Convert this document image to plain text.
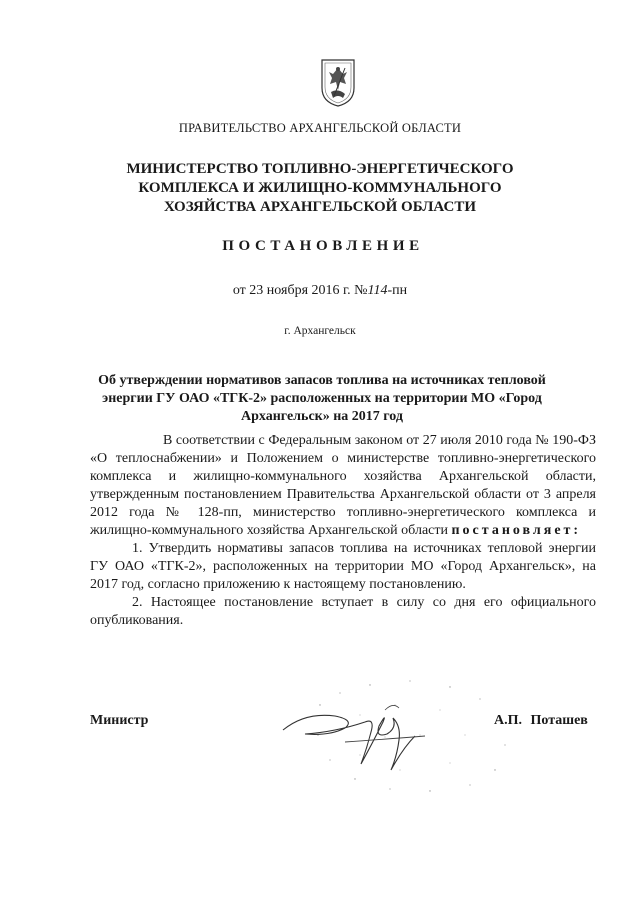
ПРАВИТЕЛЬСТВО АРХАНГЕЛЬСКОЙ ОБЛАСТИ
МИНИСТЕРСТВО ТОПЛИВНО-ЭНЕРГЕТИЧЕСКОГО
КОМПЛЕКСА И ЖИЛИЩНО-КОММУНАЛЬНОГО
ХОЗЯЙСТВА АРХАНГЕЛЬСКОЙ ОБЛАСТИ
ПОСТАНОВЛЕНИЕ
от 23 ноября 2016 г. №114-пн
г. Архангельск
Об утверждении нормативов запасов топлива на источниках тепловой
энергии ГУ ОАО «ТГК-2» расположенных на территории МО «Город
Архангельск» на 2017 год

В соответствии с Федеральным законом от 27 июля 2010 года № 190-ФЗ «О теплоснабжении» и Положением о министерстве топливно-энергетического комплекса и жилищно-коммунального хозяйства Архангельской области, утвержденным постановлением Правительства Архангельской области от 3 апреля 2012 года № 128-пп, министерство топливно-энергетического комплекса и жилищно-коммунального хозяйства Архангельской области постановляет:

1. Утвердить нормативы запасов топлива на источниках тепловой энергии ГУ ОАО «ТГК-2», расположенных на территории МО «Город Архангельск», на 2017 год, согласно приложению к настоящему постановлению.

2. Настоящее постановление вступает в силу со дня его официального опубликования.

Министр	А.П. Поташев
